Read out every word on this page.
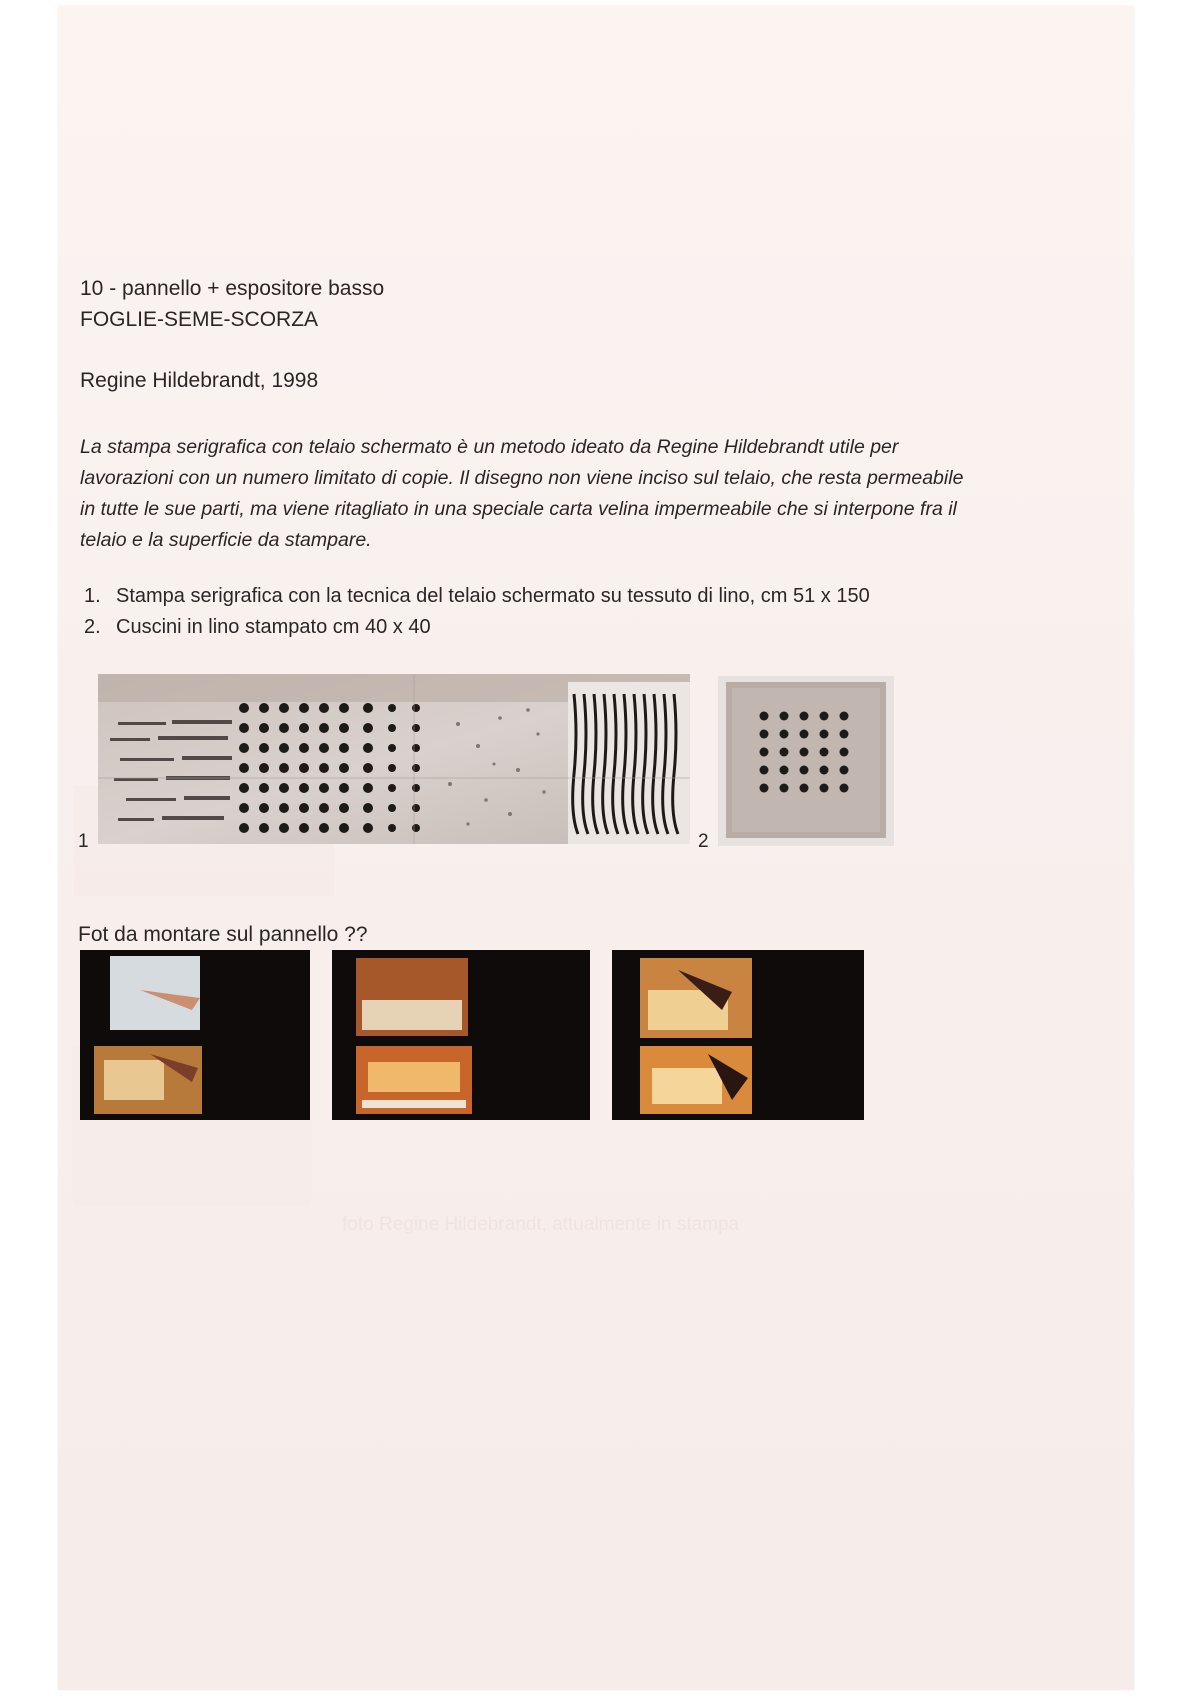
foto Regine Hildebrandt, attualmente in stampa
10 - pannello + espositore basso
FOGLIE-SEME-SCORZA
Regine Hildebrandt, 1998
La stampa serigrafica con telaio schermato è un metodo ideato da Regine Hildebrandt utile per
lavorazioni con un numero limitato di copie. Il disegno non viene inciso sul telaio, che resta permeabile
in tutte le sue parti, ma viene ritagliato in una speciale carta velina impermeabile che si interpone fra il
telaio e la superficie da stampare.
1. Stampa serigrafica con la tecnica del telaio schermato su tessuto di lino, cm 51 x 150
2. Cuscini in lino stampato cm 40 x 40
1	2
Fot da montare sul pannello ??
